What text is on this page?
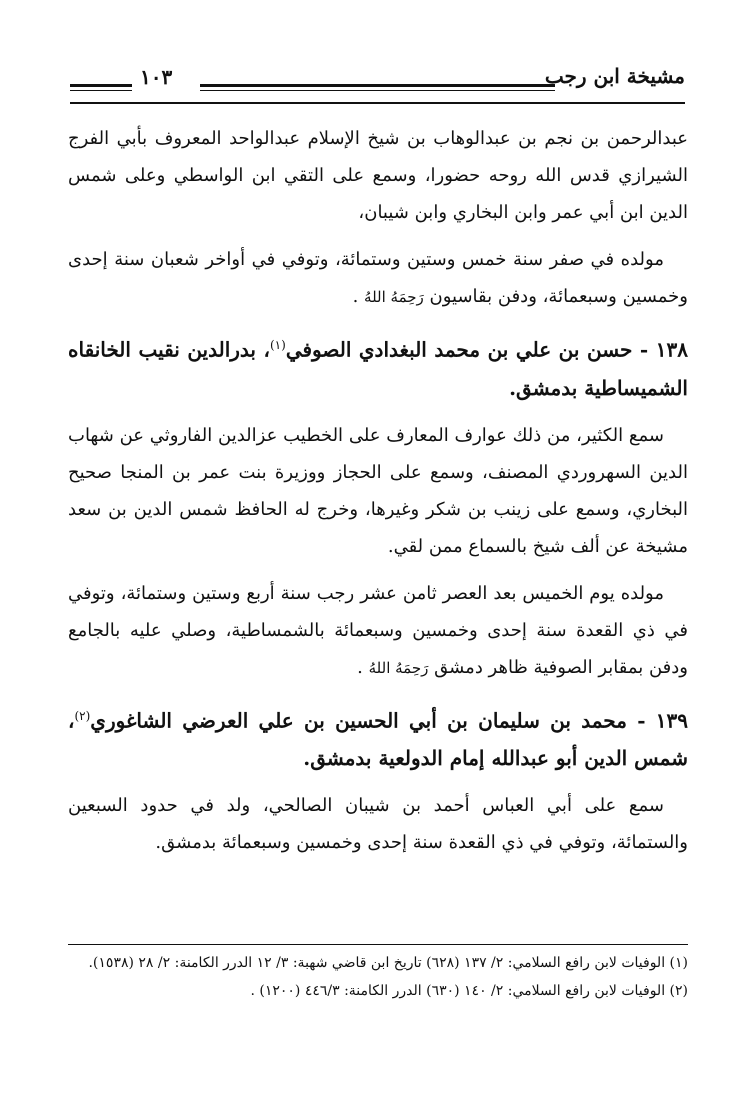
مشيخة ابن رجب
١٠٣

عبدالرحمن بن نجم بن عبدالوهاب بن شيخ الإسلام عبدالواحد المعروف بأبي الفرج الشيرازي قدس الله روحه حضورا، وسمع على التقي ابن الواسطي وعلى شمس الدين ابن أبي عمر وابن البخاري وابن شيبان،

مولده في صفر سنة خمس وستين وستمائة، وتوفي في أواخر شعبان سنة إحدى وخمسين وسبعمائة، ودفن بقاسيون رَحِمَهُ اللهُ .

١٣٨ - حسن بن علي بن محمد البغدادي الصوفي$^{(١)}$، بدرالدين نقيب الخانقاه الشميساطية بدمشق.

سمع الكثير، من ذلك عوارف المعارف على الخطيب عزالدين الفاروثي عن شهاب الدين السهروردي المصنف، وسمع على الحجاز ووزيرة بنت عمر بن المنجا صحيح البخاري، وسمع على زينب بن شكر وغيرها، وخرج له الحافظ شمس الدين بن سعد مشيخة عن ألف شيخ بالسماع ممن لقي.

مولده يوم الخميس بعد العصر ثامن عشر رجب سنة أربع وستين وستمائة، وتوفي في ذي القعدة سنة إحدى وخمسين وسبعمائة بالشمساطية، وصلي عليه بالجامع ودفن بمقابر الصوفية ظاهر دمشق رَحِمَهُ اللهُ .

١٣٩ - محمد بن سليمان بن أبي الحسين بن علي العرضي الشاغوري$^{(٢)}$، شمس الدين أبو عبدالله إمام الدولعية بدمشق.

سمع على أبي العباس أحمد بن شيبان الصالحي، ولد في حدود السبعين والستمائة، وتوفي في ذي القعدة سنة إحدى وخمسين وسبعمائة بدمشق.

(١) الوفيات لابن رافع السلامي: ٢/ ١٣٧ (٦٢٨) تاريخ ابن قاضي شهبة: ٣/ ١٢ الدرر الكامنة: ٢/ ٢٨ (١٥٣٨).

(٢) الوفيات لابن رافع السلامي: ٢/ ١٤٠ (٦٣٠) الدرر الكامنة: ٤٤٦/٣ (١٢٠٠) .
